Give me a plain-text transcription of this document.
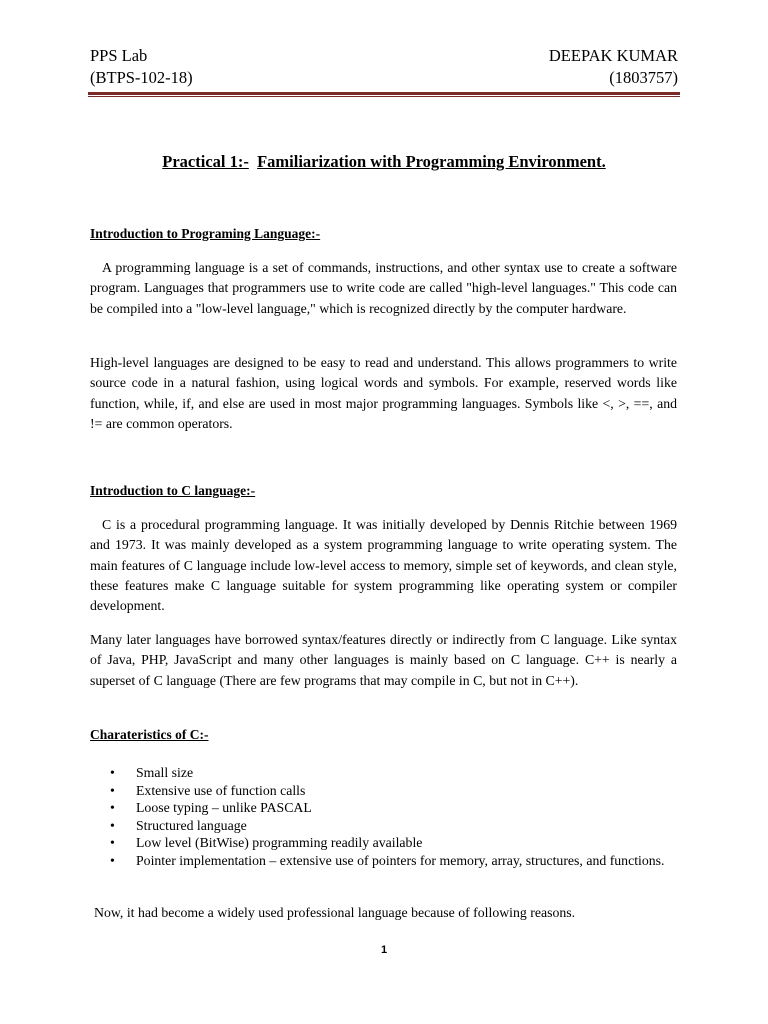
PPS Lab
(BTPS-102-18)
DEEPAK KUMAR
(1803757)
Practical 1:- Familiarization with Programming Environment.
Introduction to Programing Language:-

A programming language is a set of commands, instructions, and other syntax use to create a software program. Languages that programmers use to write code are called "high-level languages." This code can be compiled into a "low-level language," which is recognized directly by the computer hardware.

High-level languages are designed to be easy to read and understand. This allows programmers to write source code in a natural fashion, using logical words and symbols. For example, reserved words like function, while, if, and else are used in most major programming languages. Symbols like <, >, ==, and != are common operators.

Introduction to C language:-

C is a procedural programming language. It was initially developed by Dennis Ritchie between 1969 and 1973. It was mainly developed as a system programming language to write operating system. The main features of C language include low-level access to memory, simple set of keywords, and clean style, these features make C language suitable for system programming like operating system or compiler development.

Many later languages have borrowed syntax/features directly or indirectly from C language. Like syntax of Java, PHP, JavaScript and many other languages is mainly based on C language. C++ is nearly a superset of C language (There are few programs that may compile in C, but not in C++).

Charateristics of C:-
• Small size
• Extensive use of function calls
• Loose typing – unlike PASCAL
• Structured language
• Low level (BitWise) programming readily available
• Pointer implementation – extensive use of pointers for memory, array, structures, and functions.
Now, it had become a widely used professional language because of following reasons.
1
